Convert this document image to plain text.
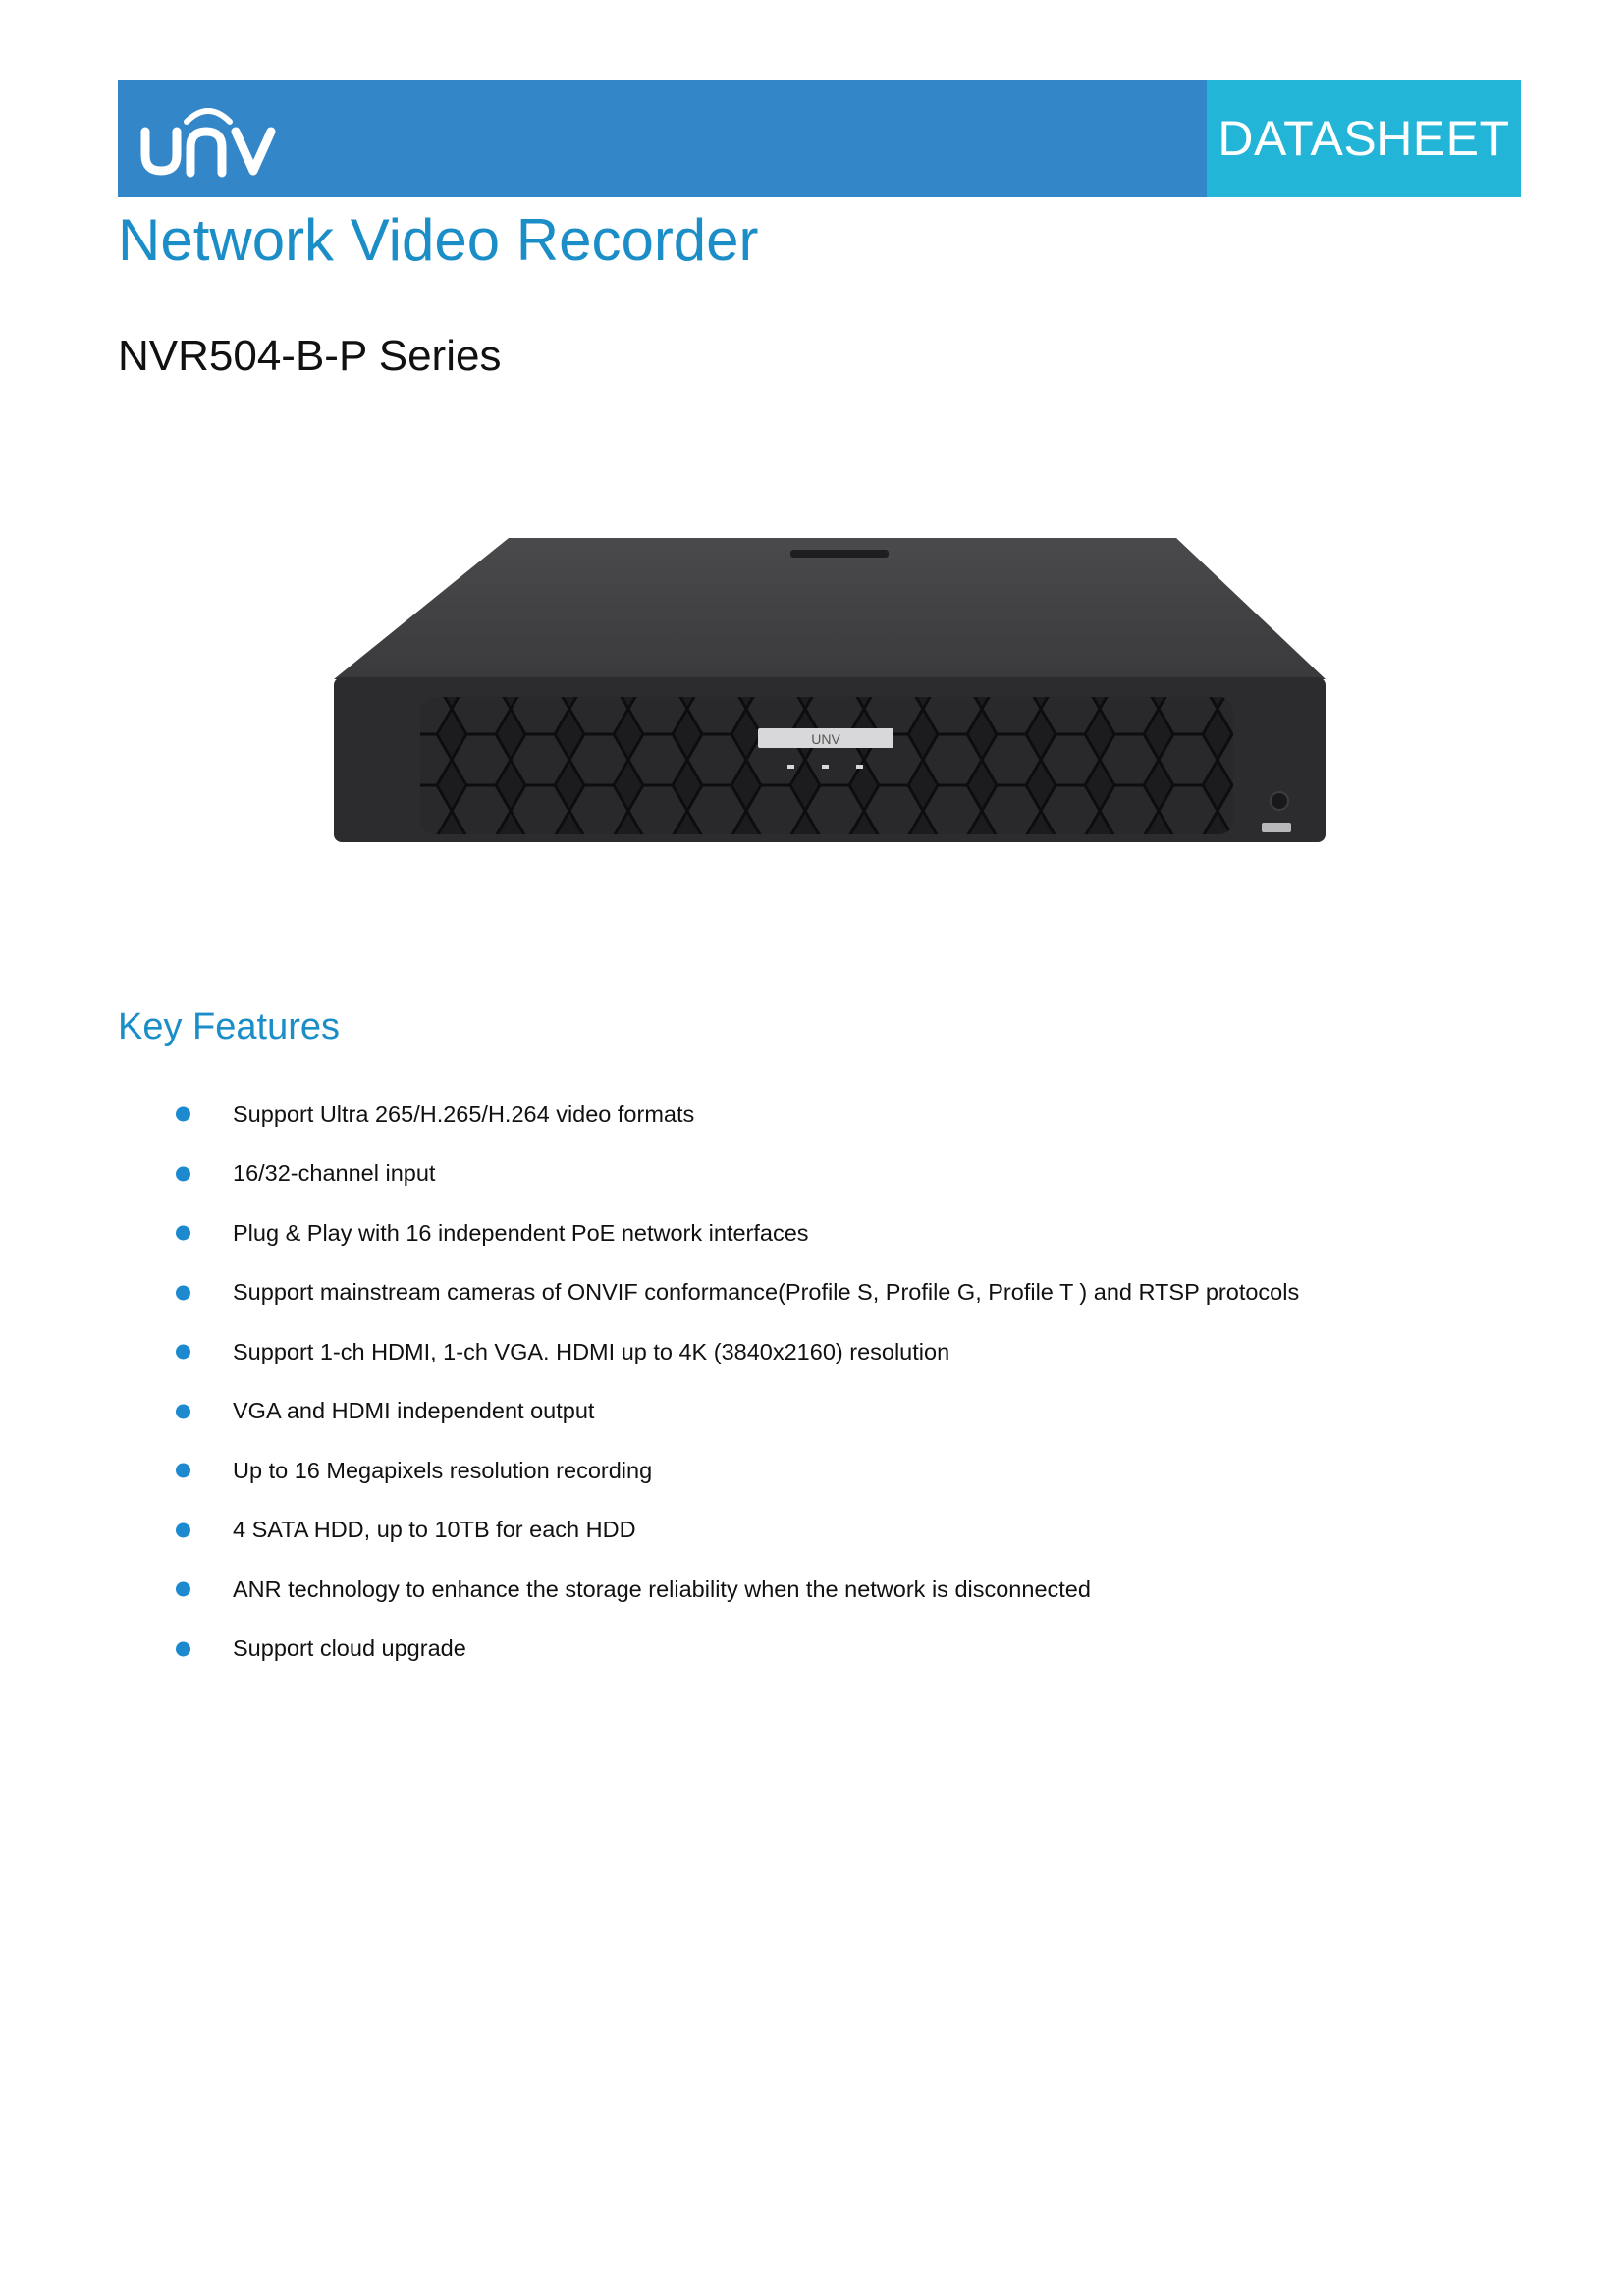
DATASHEET
Network Video Recorder
NVR504-B-P Series
UNV
Key Features
Support Ultra 265/H.265/H.264 video formats
16/32-channel input
Plug & Play with 16 independent PoE network interfaces
Support mainstream cameras of ONVIF conformance(Profile S, Profile G, Profile T ) and RTSP protocols
Support 1-ch HDMI, 1-ch VGA. HDMI up to 4K (3840x2160) resolution
VGA and HDMI independent output
Up to 16 Megapixels resolution recording
4 SATA HDD, up to 10TB for each HDD
ANR technology to enhance the storage reliability when the network is disconnected
Support cloud upgrade
